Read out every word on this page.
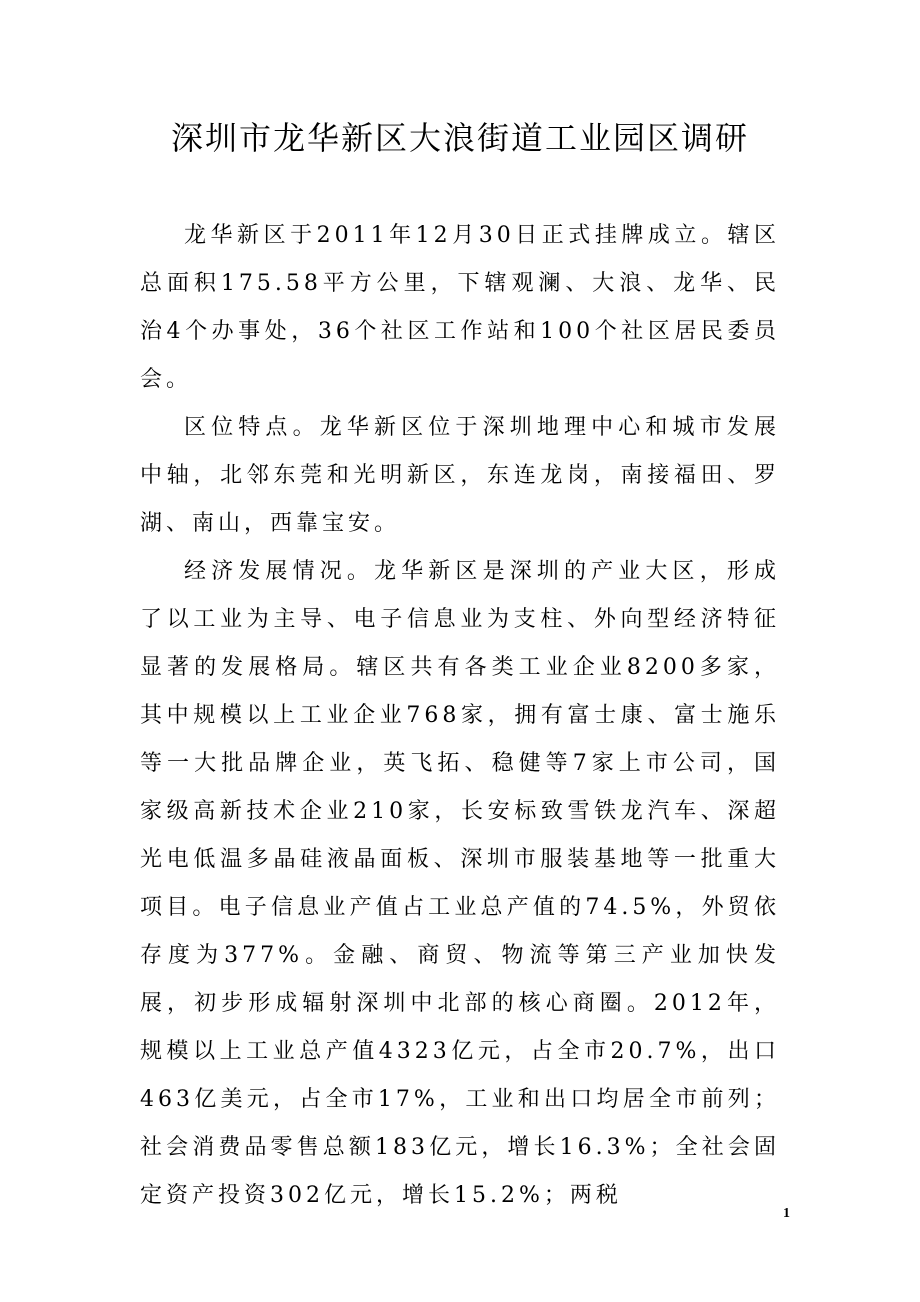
深圳市龙华新区大浪街道工业园区调研

龙华新区于2011年12月30日正式挂牌成立。辖区总面积175.58平方公里，下辖观澜、大浪、龙华、民治4个办事处，36个社区工作站和100个社区居民委员会。

区位特点。龙华新区位于深圳地理中心和城市发展中轴，北邻东莞和光明新区，东连龙岗，南接福田、罗湖、南山，西靠宝安。

经济发展情况。龙华新区是深圳的产业大区，形成了以工业为主导、电子信息业为支柱、外向型经济特征显著的发展格局。辖区共有各类工业企业8200多家，其中规模以上工业企业768家，拥有富士康、富士施乐等一大批品牌企业，英飞拓、稳健等7家上市公司，国家级高新技术企业210家，长安标致雪铁龙汽车、深超光电低温多晶硅液晶面板、深圳市服装基地等一批重大项目。电子信息业产值占工业总产值的74.5%，外贸依存度为377%。金融、商贸、物流等第三产业加快发展，初步形成辐射深圳中北部的核心商圈。2012年，规模以上工业总产值4323亿元，占全市20.7%，出口463亿美元，占全市17%，工业和出口均居全市前列；社会消费品零售总额183亿元，增长16.3%；全社会固定资产投资302亿元，增长15.2%；两税

1
